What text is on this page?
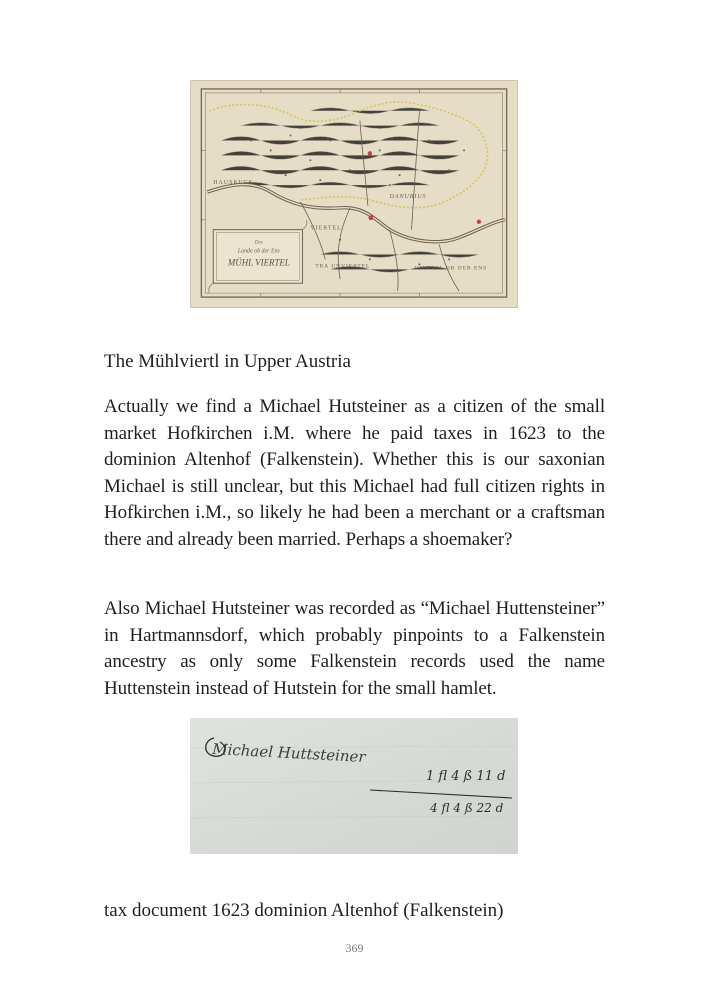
Das
Lande ob der Ens
MÜHL VIERTEL
HAUSRUCK
VIERTEL
DANUBIUS
TRA UNVIERTEL	VIERTEL OB DER ENS

The Mühlviertl in Upper Austria

Actually we find a Michael Hutsteiner as a citizen of the small market Hofkirchen i.M. where he paid taxes in 1623 to the dominion Altenhof (Falkenstein). Whether this is our saxonian Michael is still unclear, but this Michael had full citizen rights in Hofkirchen i.M., so likely he had been a merchant or a craftsman there and already been married. Perhaps a shoemaker?

Also Michael Hutsteiner was recorded as “Michael Huttensteiner” in Hartmannsdorf, which probably pinpoints to a Falkenstein ancestry as only some Falkenstein records used the name Huttenstein instead of Hutstein for the small hamlet.

Michael Huttsteiner
1 fl 4 ß 11 d
4 fl 4 ß 22 d

tax document 1623 dominion Altenhof (Falkenstein)

369
